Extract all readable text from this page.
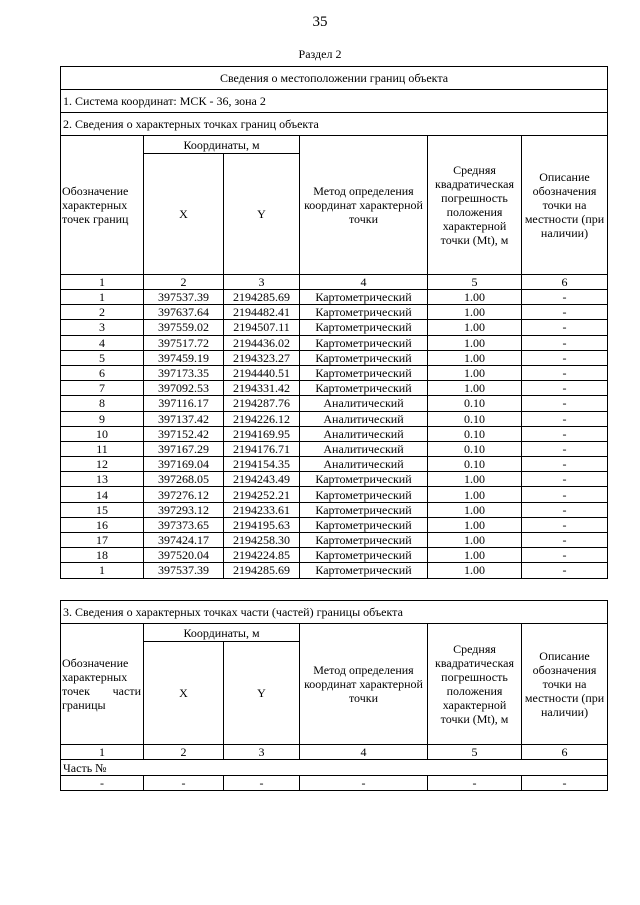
35
Раздел 2
Сведения о местоположении границ объекта					
1. Система координат: МСК - 36, зона 2					
2. Сведения о характерных точках границ объекта					
Обозначение характерных точек границ	Координаты, м		Метод определения координат характерной точки	Средняя квадратическая погрешность положения характерной точки (Mt), м	Описание обозначения точки на местности (при наличии)
	X	Y			
1	2	3	4	5	6
1	397537.39	2194285.69	Картометрический	1.00	-
2	397637.64	2194482.41	Картометрический	1.00	-
3	397559.02	2194507.11	Картометрический	1.00	-
4	397517.72	2194436.02	Картометрический	1.00	-
5	397459.19	2194323.27	Картометрический	1.00	-
6	397173.35	2194440.51	Картометрический	1.00	-
7	397092.53	2194331.42	Картометрический	1.00	-
8	397116.17	2194287.76	Аналитический	0.10	-
9	397137.42	2194226.12	Аналитический	0.10	-
10	397152.42	2194169.95	Аналитический	0.10	-
11	397167.29	2194176.71	Аналитический	0.10	-
12	397169.04	2194154.35	Аналитический	0.10	-
13	397268.05	2194243.49	Картометрический	1.00	-
14	397276.12	2194252.21	Картометрический	1.00	-
15	397293.12	2194233.61	Картометрический	1.00	-
16	397373.65	2194195.63	Картометрический	1.00	-
17	397424.17	2194258.30	Картометрический	1.00	-
18	397520.04	2194224.85	Картометрический	1.00	-
1	397537.39	2194285.69	Картометрический	1.00	-
3. Сведения о характерных точках части (частей) границы объекта					
Обозначение характерных точек части границы	Координаты, м		Метод определения координат характерной точки	Средняя квадратическая погрешность положения характерной точки (Mt), м	Описание обозначения точки на местности (при наличии)
	X	Y			
1	2	3	4	5	6
Часть №					
-	-	-	-	-	-
